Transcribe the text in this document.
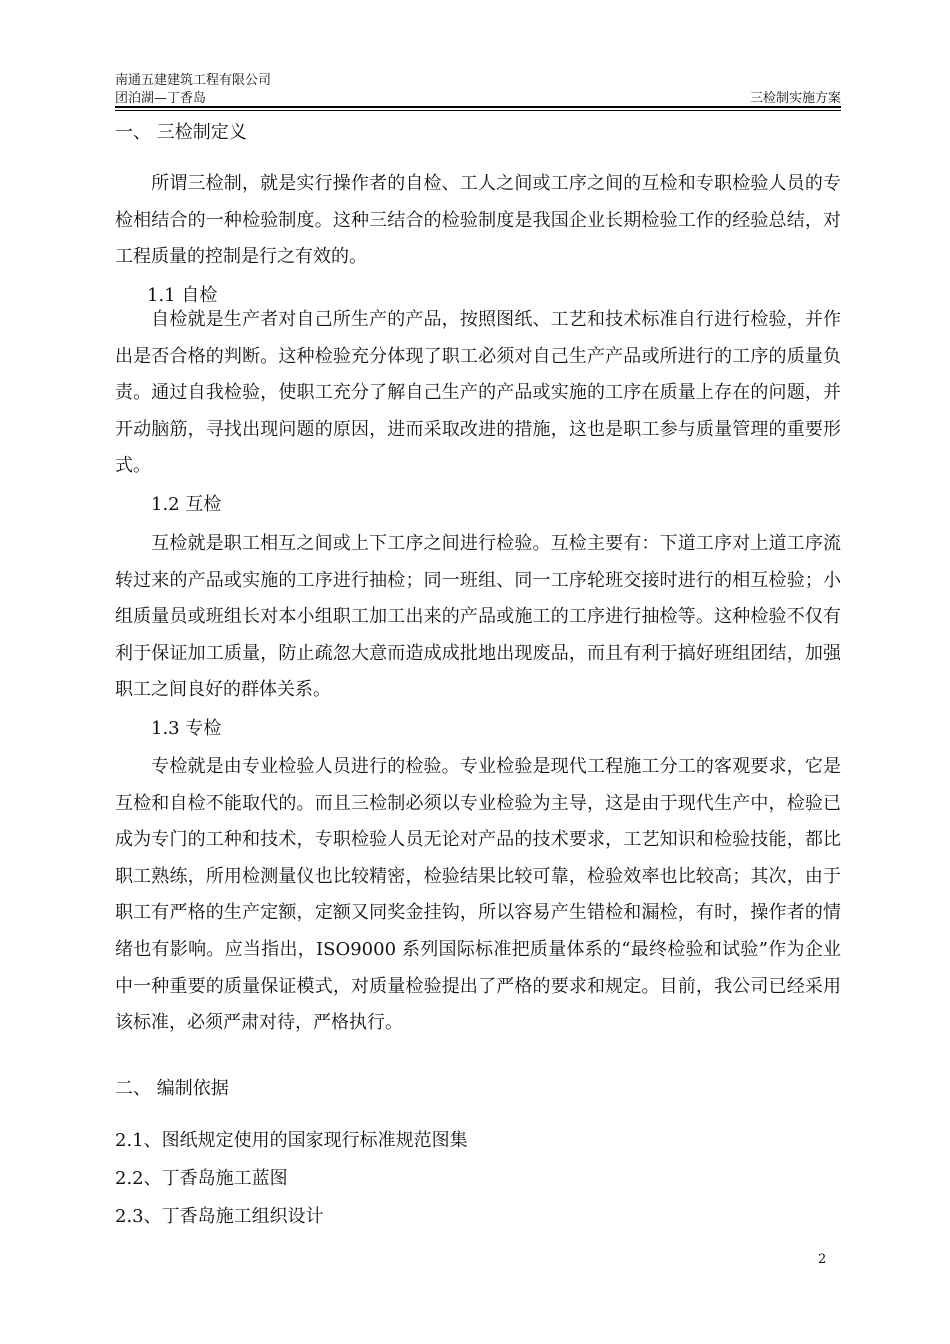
南通五建建筑工程有限公司
团泊湖—丁香岛	三检制实施方案
一、 三检制定义
所谓三检制，就是实行操作者的自检、工人之间或工序之间的互检和专职检验人员的专检相结合的一种检验制度。这种三结合的检验制度是我国企业长期检验工作的经验总结，对工程质量的控制是行之有效的。
1.1 自检
自检就是生产者对自己所生产的产品，按照图纸、工艺和技术标准自行进行检验，并作出是否合格的判断。这种检验充分体现了职工必须对自己生产产品或所进行的工序的质量负责。通过自我检验，使职工充分了解自己生产的产品或实施的工序在质量上存在的问题，并开动脑筋，寻找出现问题的原因，进而采取改进的措施，这也是职工参与质量管理的重要形式。
1.2 互检
互检就是职工相互之间或上下工序之间进行检验。互检主要有：下道工序对上道工序流转过来的产品或实施的工序进行抽检；同一班组、同一工序轮班交接时进行的相互检验；小组质量员或班组长对本小组职工加工出来的产品或施工的工序进行抽检等。这种检验不仅有利于保证加工质量，防止疏忽大意而造成成批地出现废品，而且有利于搞好班组团结，加强职工之间良好的群体关系。
1.3 专检
专检就是由专业检验人员进行的检验。专业检验是现代工程施工分工的客观要求，它是互检和自检不能取代的。而且三检制必须以专业检验为主导，这是由于现代生产中，检验已成为专门的工种和技术，专职检验人员无论对产品的技术要求，工艺知识和检验技能，都比职工熟练，所用检测量仪也比较精密，检验结果比较可靠，检验效率也比较高；其次，由于职工有严格的生产定额，定额又同奖金挂钩，所以容易产生错检和漏检，有时，操作者的情绪也有影响。应当指出，ISO9000 系列国际标准把质量体系的“最终检验和试验”作为企业中一种重要的质量保证模式，对质量检验提出了严格的要求和规定。目前，我公司已经采用该标准，必须严肃对待，严格执行。
二、 编制依据
2.1、图纸规定使用的国家现行标准规范图集
2.2、丁香岛施工蓝图
2.3、丁香岛施工组织设计
2
